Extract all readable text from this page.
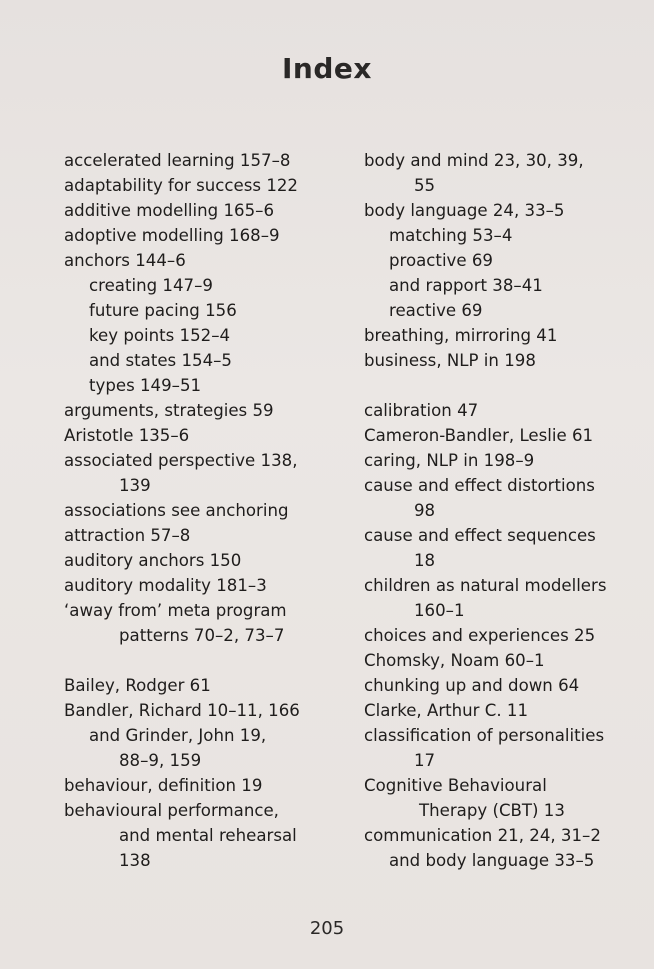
Index
accelerated learning 157–8
adaptability for success 122
additive modelling 165–6
adoptive modelling 168–9
anchors 144–6
creating 147–9
future pacing 156
key points 152–4
and states 154–5
types 149–51
arguments, strategies 59
Aristotle 135–6
associated perspective 138,
139
associations see anchoring
attraction 57–8
auditory anchors 150
auditory modality 181–3
‘away from’ meta program
patterns 70–2, 73–7
Bailey, Rodger 61
Bandler, Richard 10–11, 166
and Grinder, John 19,
88–9, 159
behaviour, definition 19
behavioural performance,
and mental rehearsal
138
body and mind 23, 30, 39,
55
body language 24, 33–5
matching 53–4
proactive 69
and rapport 38–41
reactive 69
breathing, mirroring 41
business, NLP in 198
calibration 47
Cameron-Bandler, Leslie 61
caring, NLP in 198–9
cause and effect distortions
98
cause and effect sequences
18
children as natural modellers
160–1
choices and experiences 25
Chomsky, Noam 60–1
chunking up and down 64
Clarke, Arthur C. 11
classification of personalities
17
Cognitive Behavioural
Therapy (CBT) 13
communication 21, 24, 31–2
and body language 33–5
205
